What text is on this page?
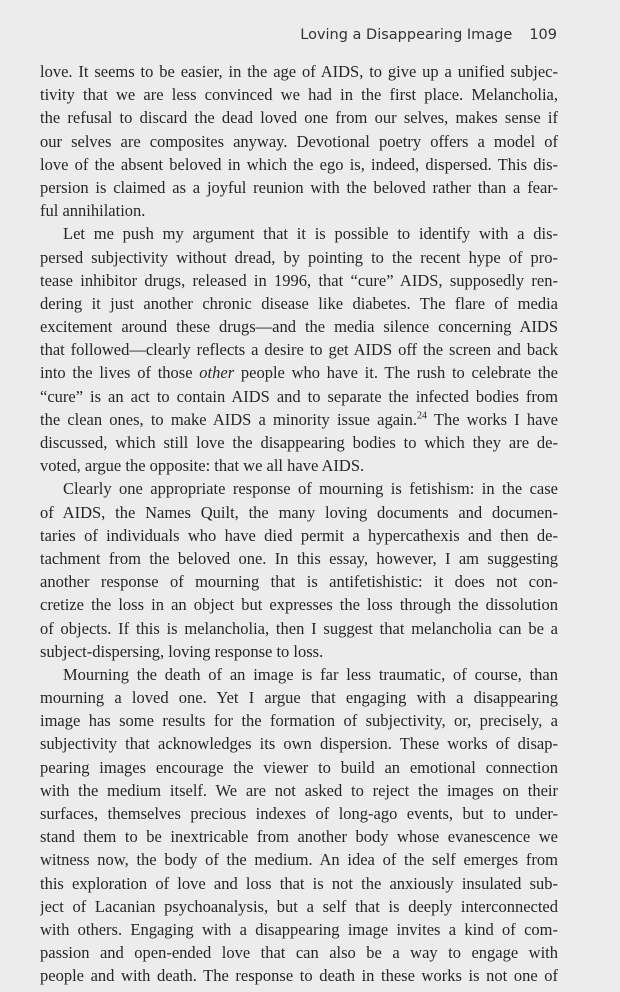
Loving a Disappearing Image 109
love. It seems to be easier, in the age of AIDS, to give up a unified subjec-
tivity that we are less convinced we had in the first place. Melancholia,
the refusal to discard the dead loved one from our selves, makes sense if
our selves are composites anyway. Devotional poetry offers a model of
love of the absent beloved in which the ego is, indeed, dispersed. This dis-
persion is claimed as a joyful reunion with the beloved rather than a fear-
ful annihilation.
Let me push my argument that it is possible to identify with a dis-
persed subjectivity without dread, by pointing to the recent hype of pro-
tease inhibitor drugs, released in 1996, that “cure” AIDS, supposedly ren-
dering it just another chronic disease like diabetes. The flare of media
excitement around these drugs—and the media silence concerning AIDS
that followed—clearly reflects a desire to get AIDS off the screen and back
into the lives of those other people who have it. The rush to celebrate the
“cure” is an act to contain AIDS and to separate the infected bodies from
the clean ones, to make AIDS a minority issue again.$^{24}$ The works I have
discussed, which still love the disappearing bodies to which they are de-
voted, argue the opposite: that we all have AIDS.
Clearly one appropriate response of mourning is fetishism: in the case
of AIDS, the Names Quilt, the many loving documents and documen-
taries of individuals who have died permit a hypercathexis and then de-
tachment from the beloved one. In this essay, however, I am suggesting
another response of mourning that is antifetishistic: it does not con-
cretize the loss in an object but expresses the loss through the dissolution
of objects. If this is melancholia, then I suggest that melancholia can be a
subject-dispersing, loving response to loss.
Mourning the death of an image is far less traumatic, of course, than
mourning a loved one. Yet I argue that engaging with a disappearing
image has some results for the formation of subjectivity, or, precisely, a
subjectivity that acknowledges its own dispersion. These works of disap-
pearing images encourage the viewer to build an emotional connection
with the medium itself. We are not asked to reject the images on their
surfaces, themselves precious indexes of long-ago events, but to under-
stand them to be inextricable from another body whose evanescence we
witness now, the body of the medium. An idea of the self emerges from
this exploration of love and loss that is not the anxiously insulated sub-
ject of Lacanian psychoanalysis, but a self that is deeply interconnected
with others. Engaging with a disappearing image invites a kind of com-
passion and open-ended love that can also be a way to engage with
people and with death. The response to death in these works is not one of
